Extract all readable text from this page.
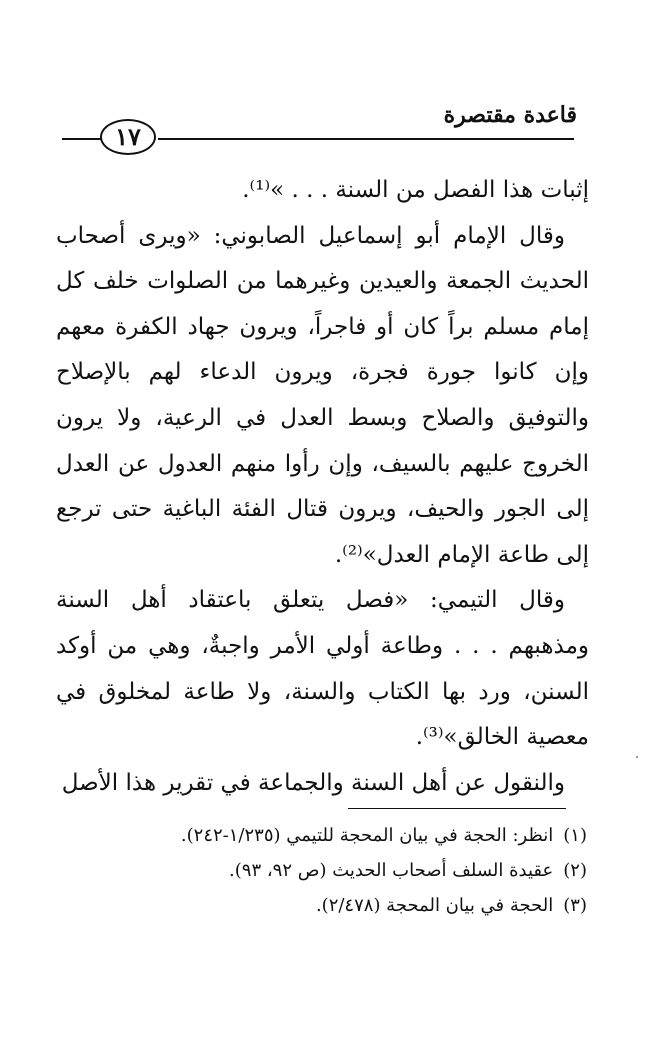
قاعدة مقتصرة
١٧

إثبات هذا الفصل من السنة . . . »⁽¹⁾.

وقال الإمام أبو إسماعيل الصابوني: «ويرى أصحاب الحديث الجمعة والعيدين وغيرهما من الصلوات خلف كل إمام مسلم براً كان أو فاجراً، ويرون جهاد الكفرة معهم وإن كانوا جورة فجرة، ويرون الدعاء لهم بالإصلاح والتوفيق والصلاح وبسط العدل في الرعية، ولا يرون الخروج عليهم بالسيف، وإن رأوا منهم العدول عن العدل إلى الجور والحيف، ويرون قتال الفئة الباغية حتى ترجع إلى طاعة الإمام العدل»⁽²⁾.

وقال التيمي: «فصل يتعلق باعتقاد أهل السنة ومذهبهم . . . وطاعة أولي الأمر واجبةٌ، وهي من أوكد السنن، ورد بها الكتاب والسنة، ولا طاعة لمخلوق في معصية الخالق»⁽³⁾.

والنقول عن أهل السنة والجماعة في تقرير هذا الأصل

(١)انظر: الحجة في بيان المحجة للتيمي (١/٢٣٥-٢٤٢).
(٢)عقيدة السلف أصحاب الحديث (ص ٩٢، ٩٣).
(٣)الحجة في بيان المحجة (٢/٤٧٨).
